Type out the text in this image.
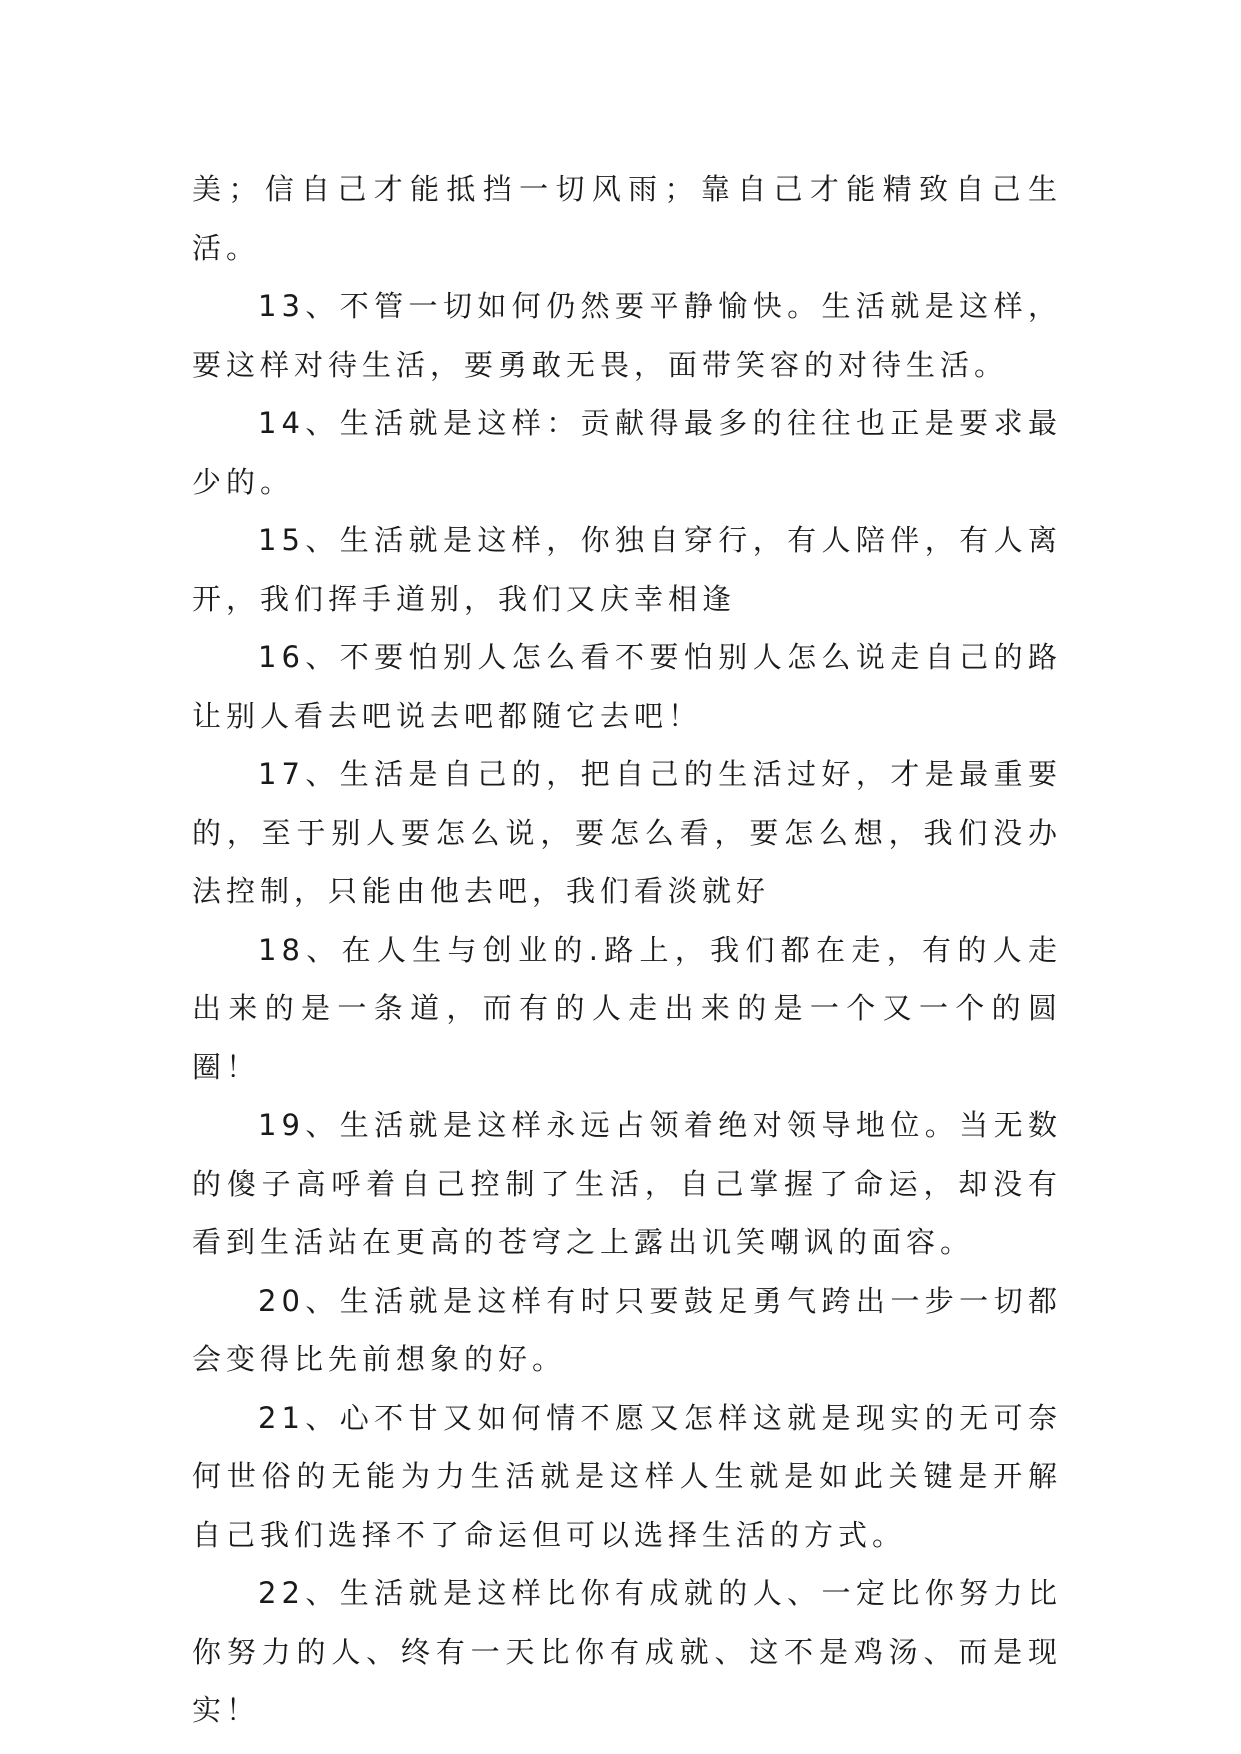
美；信自己才能抵挡一切风雨；靠自己才能精致自己生活。

13、不管一切如何仍然要平静愉快。生活就是这样，要这样对待生活，要勇敢无畏，面带笑容的对待生活。

14、生活就是这样：贡献得最多的往往也正是要求最少的。

15、生活就是这样，你独自穿行，有人陪伴，有人离开，我们挥手道别，我们又庆幸相逢

16、不要怕别人怎么看不要怕别人怎么说走自己的路让别人看去吧说去吧都随它去吧！

17、生活是自己的，把自己的生活过好，才是最重要的，至于别人要怎么说，要怎么看，要怎么想，我们没办法控制，只能由他去吧，我们看淡就好

18、在人生与创业的.路上，我们都在走，有的人走出来的是一条道，而有的人走出来的是一个又一个的圆圈！

19、生活就是这样永远占领着绝对领导地位。当无数的傻子高呼着自己控制了生活，自己掌握了命运，却没有看到生活站在更高的苍穹之上露出讥笑嘲讽的面容。

20、生活就是这样有时只要鼓足勇气跨出一步一切都会变得比先前想象的好。

21、心不甘又如何情不愿又怎样这就是现实的无可奈何世俗的无能为力生活就是这样人生就是如此关键是开解自己我们选择不了命运但可以选择生活的方式。

22、生活就是这样比你有成就的人、一定比你努力比你努力的人、终有一天比你有成就、这不是鸡汤、而是现实！
